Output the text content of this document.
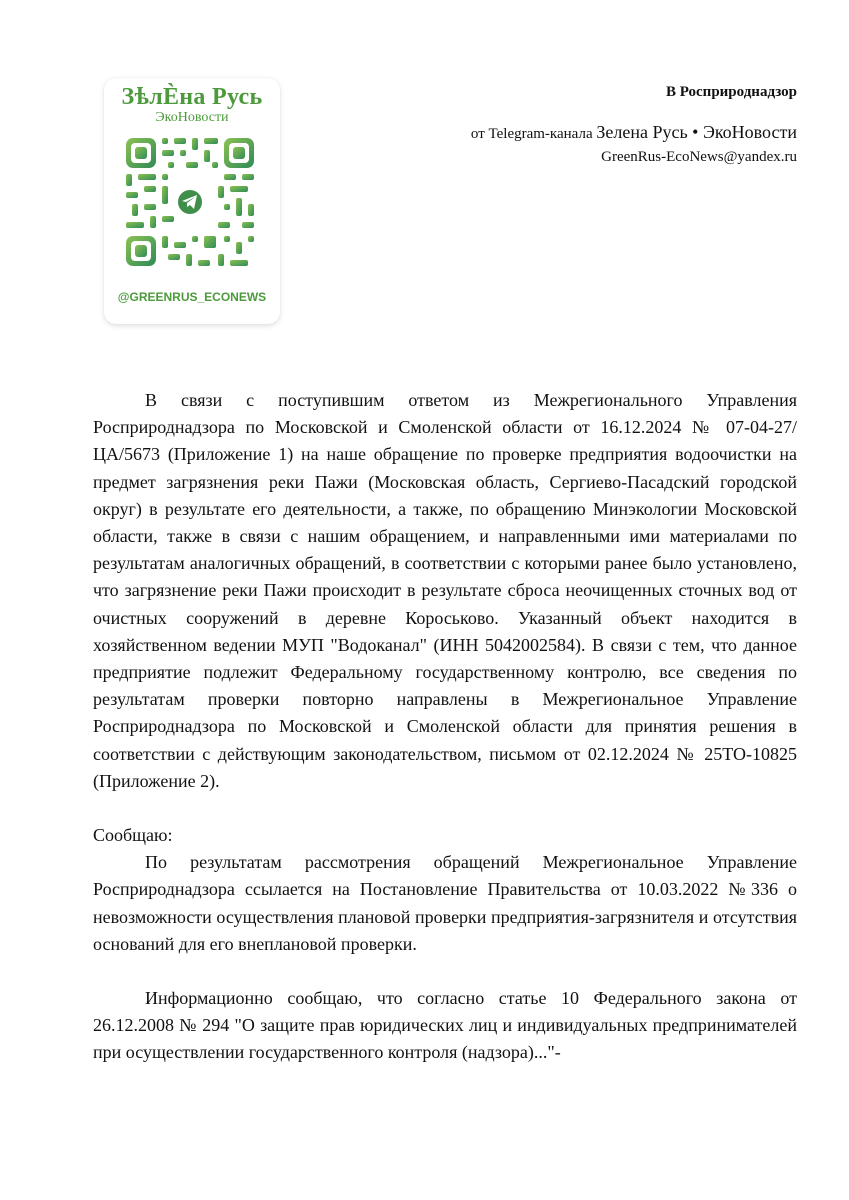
ЗѣлЀна Русь
ЭкоНовости
@GREENRUS_ECONEWS
В Росприроднадзор
от Telegram-канала Зелена Русь • ЭкоНовости
GreenRus-EcoNews@yandex.ru

В связи с поступившим ответом из Межрегионального Управления Росприроднадзора по Московской и Смоленской области от 16.12.2024 № 07-04-27/ЦА/5673 (Приложение 1) на наше обращение по проверке предприятия водоочистки на предмет загрязнения реки Пажи (Московская область, Сергиево-Пасадский городской округ) в результате его деятельности, а также, по обращению Минэкологии Московской области, также в связи с нашим обращением, и направленными ими материалами по результатам аналогичных обращений, в соответствии с которыми ранее было установлено, что загрязнение реки Пажи происходит в результате сброса неочищенных сточных вод от очистных сооружений в деревне Короськово. Указанный объект находится в хозяйственном ведении МУП "Водоканал" (ИНН 5042002584). В связи с тем, что данное предприятие подлежит Федеральному государственному контролю, все сведения по результатам проверки повторно направлены в Межрегиональное Управление Росприроднадзора по Московской и Смоленской области для принятия решения в соответствии с действующим законодательством, письмом от 02.12.2024 № 25ТО-10825 (Приложение 2).

Сообщаю:

По результатам рассмотрения обращений Межрегиональное Управление Росприроднадзора ссылается на Постановление Правительства от 10.03.2022 №336 о невозможности осуществления плановой проверки предприятия-загрязнителя и отсутствия оснований для его внеплановой проверки.

Информационно сообщаю, что согласно статье 10 Федерального закона от 26.12.2008 № 294 "О защите прав юридических лиц и индивидуальных предпринимателей при осуществлении государственного контроля (надзора)..."-
